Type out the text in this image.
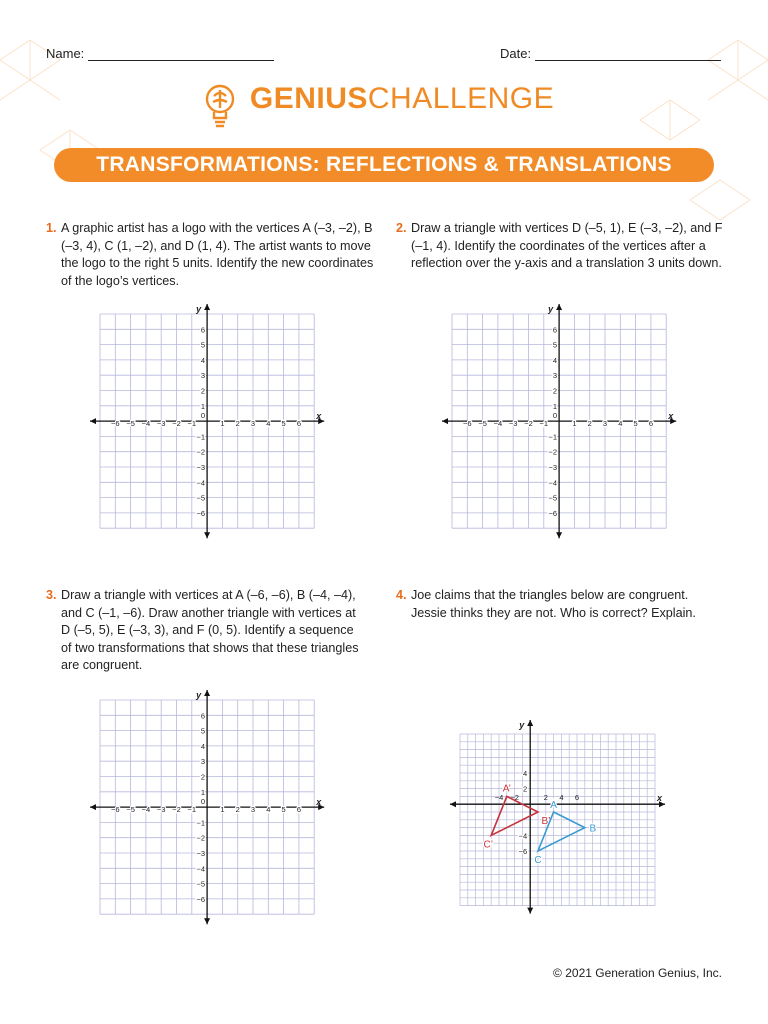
Name:	Date:
GENIUSCHALLENGE
TRANSFORMATIONS: REFLECTIONS & TRANSLATIONS
1. A graphic artist has a logo with the vertices A (–3, –2), B (–3, 4), C (1, –2), and D (1, 4). The artist wants to move the logo to the right 5 units. Identify the new coordinates of the logo’s vertices.

2. Draw a triangle with vertices D (–5, 1), E (–3, –2), and F (–1, 4). Identify the coordinates of the vertices after a reflection over the y-axis and a translation 3 units down.

3. Draw a triangle with vertices at A (–6, –6), B (–4, –4), and C (–1, –6). Draw another triangle with vertices at D (–5, 5), E (–3, 3), and F (0, 5). Identify a sequence of two transformations that shows that these triangles are congruent.

4. Joe claims that the triangles below are congruent. Jessie thinks they are not. Who is correct? Explain.

−6 −5 −4 −3 −2 −1	1 2 3 4 5 6
6
5
4
3
2
1
−1
−2
−3
−4
−5
−6
0	x
y
−6 −5 −4 −3 −2 −1	1 2 3 4 5 6
6
5
4
3
2
1
−1
−2
−3
−4
−5
−6
0	x
y
−6 −5 −4 −3 −2 −1	1 2 3 4 5 6
6
5
4
3
2
1
−1
−2
−3
−4
−5
−6
0	x
y
x
y
−4 −2	2 4 6
4
2
−4
−6
A’
B’
C’
A
B
C
© 2021 Generation Genius, Inc.
